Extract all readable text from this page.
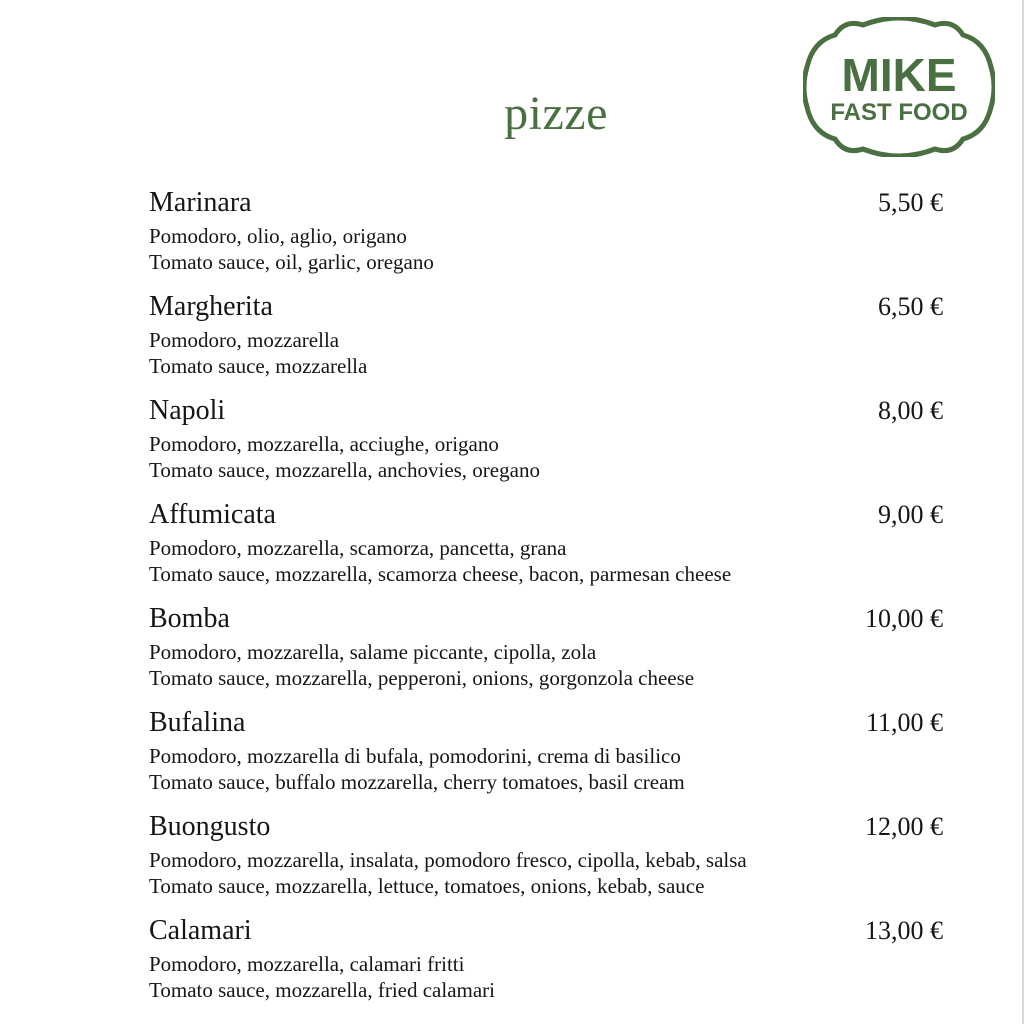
pizze
MIKE
FAST FOOD
Marinara	5,50 €
Pomodoro, olio, aglio, origano
Tomato sauce, oil, garlic, oregano
Margherita	6,50 €
Pomodoro, mozzarella
Tomato sauce, mozzarella
Napoli	8,00 €
Pomodoro, mozzarella, acciughe, origano
Tomato sauce, mozzarella, anchovies, oregano
Affumicata	9,00 €
Pomodoro, mozzarella, scamorza, pancetta, grana
Tomato sauce, mozzarella, scamorza cheese, bacon, parmesan cheese
Bomba	10,00 €
Pomodoro, mozzarella, salame piccante, cipolla, zola
Tomato sauce, mozzarella, pepperoni, onions, gorgonzola cheese
Bufalina	11,00 €
Pomodoro, mozzarella di bufala, pomodorini, crema di basilico
Tomato sauce, buffalo mozzarella, cherry tomatoes, basil cream
Buongusto	12,00 €
Pomodoro, mozzarella, insalata, pomodoro fresco, cipolla, kebab, salsa
Tomato sauce, mozzarella, lettuce, tomatoes, onions, kebab, sauce
Calamari	13,00 €
Pomodoro, mozzarella, calamari fritti
Tomato sauce, mozzarella, fried calamari
